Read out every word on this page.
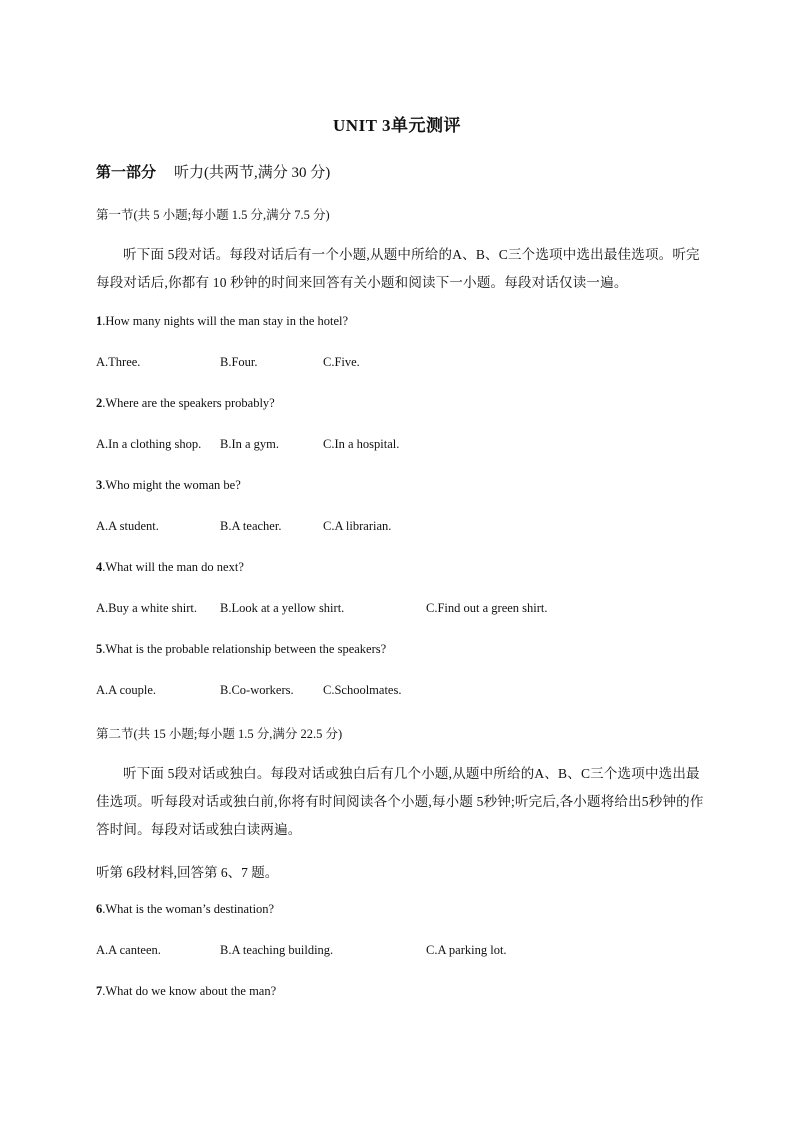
UNIT 3单元测评
第一部分 听力(共两节,满分 30 分)
第一节(共 5 小题;每小题 1.5 分,满分 7.5 分)
听下面 5段对话。每段对话后有一个小题,从题中所给的A、B、C三个选项中选出最佳选项。听完每段对话后,你都有 10 秒钟的时间来回答有关小题和阅读下一小题。每段对话仅读一遍。
1.How many nights will the man stay in the hotel?
A.Three.	B.Four.	C.Five.
2.Where are the speakers probably?
A.In a clothing shop. B.In a gym.	C.In a hospital.
3.Who might the woman be?
A.A student.	B.A teacher.	C.A librarian.
4.What will the man do next?
A.Buy a white shirt. B.Look at a yellow shirt.	C.Find out a green shirt.
5.What is the probable relationship between the speakers?
A.A couple.	B.Co-workers. C.Schoolmates.
第二节(共 15 小题;每小题 1.5 分,满分 22.5 分)
听下面 5段对话或独白。每段对话或独白后有几个小题,从题中所给的A、B、C三个选项中选出最佳选项。听每段对话或独白前,你将有时间阅读各个小题,每小题 5秒钟;听完后,各小题将给出5秒钟的作答时间。每段对话或独白读两遍。
听第 6段材料,回答第 6、7 题。
6.What is the woman’s destination?
A.A canteen.	B.A teaching building.	C.A parking lot.
7.What do we know about the man?
